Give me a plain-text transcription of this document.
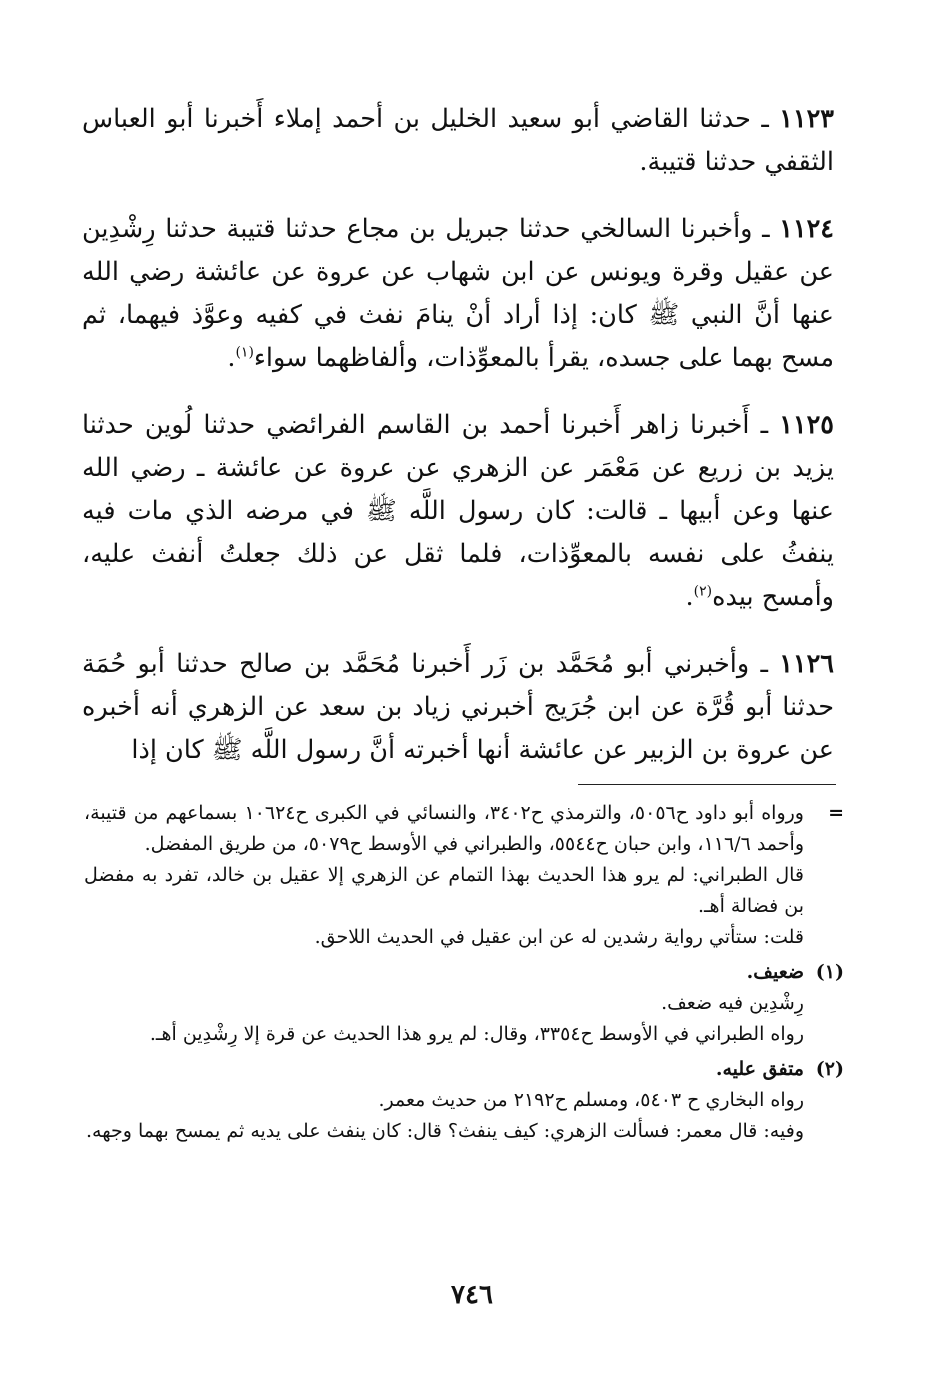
١١٢٣ ـ حدثنا القاضي أبو سعيد الخليل بن أحمد إملاء أَخبرنا أبو العباس الثقفي حدثنا قتيبة.

١١٢٤ ـ وأخبرنا السالخي حدثنا جبريل بن مجاع حدثنا قتيبة حدثنا رِشْدِين عن عقيل وقرة ويونس عن ابن شهاب عن عروة عن عائشة رضي الله عنها أنَّ النبي ﷺ كان: إذا أراد أنْ ينامَ نفث في كفيه وعوَّذ فيهما، ثم مسح بهما على جسده، يقرأ بالمعوِّذات، وألفاظهما سواء$^{(١)}$.

١١٢٥ ـ أَخبرنا زاهر أَخبرنا أحمد بن القاسم الفرائضي حدثنا لُوين حدثنا يزيد بن زريع عن مَعْمَر عن الزهري عن عروة عن عائشة ـ رضي الله عنها وعن أبيها ـ قالت: كان رسول اللَّه ﷺ في مرضه الذي مات فيه ينفثُ على نفسه بالمعوِّذات، فلما ثقل عن ذلك جعلتُ أنفث عليه، وأمسح بيده$^{(٢)}$.

١١٢٦ ـ وأخبرني أبو مُحَمَّد بن زَر أَخبرنا مُحَمَّد بن صالح حدثنا أبو حُمَة حدثنا أبو قُرَّة عن ابن جُرَيج أخبرني زياد بن سعد عن الزهري أنه أخبره عن عروة بن الزبير عن عائشة أنها أخبرته أنَّ رسول اللَّه ﷺ كان إذا

=

ورواه أبو داود ح٥٠٥٦، والترمذي ح٣٤٠٢، والنسائي في الكبرى ح١٠٦٢٤ بسماعهم من قتيبة، وأحمد ١١٦/٦، وابن حبان ح٥٥٤٤، والطبراني في الأوسط ح٥٠٧٩، من طريق المفضل.

قال الطبراني: لم يرو هذا الحديث بهذا التمام عن الزهري إلا عقيل بن خالد، تفرد به مفضل بن فضالة أهـ.

قلت: ستأتي رواية رشدين له عن ابن عقيل في الحديث اللاحق.

(١)

ضعيف.

رِشْدِين فيه ضعف.

رواه الطبراني في الأوسط ح٣٣٥٤، وقال: لم يرو هذا الحديث عن قرة إلا رِشْدِين أهـ.

(٢)

متفق عليه.

رواه البخاري ح ٥٤٠٣، ومسلم ح٢١٩٢ من حديث معمر.

وفيه: قال معمر: فسألت الزهري: كيف ينفث؟ قال: كان ينفث على يديه ثم يمسح بهما وجهه.

٧٤٦
